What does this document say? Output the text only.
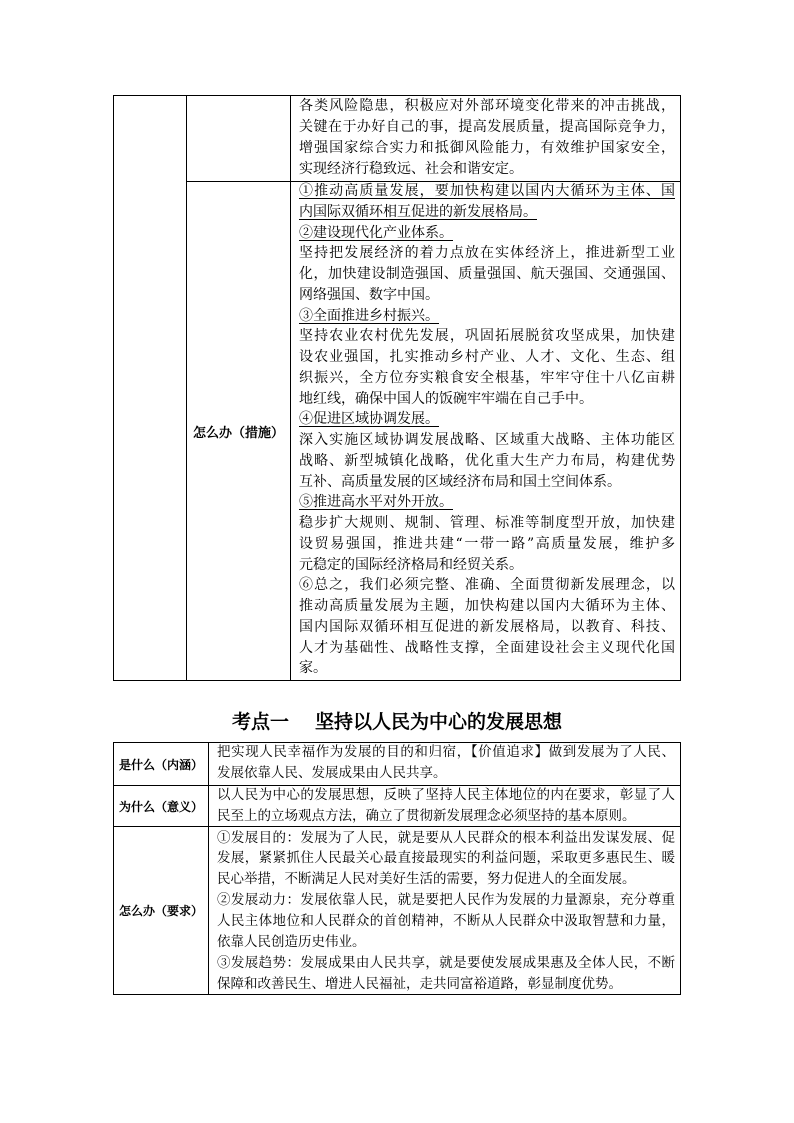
各类风险隐患，积极应对外部环境变化带来的冲击挑战，
关键在于办好自己的事，提高发展质量，提高国际竞争力，
增强国家综合实力和抵御风险能力，有效维护国家安全，
实现经济行稳致远、社会和谐安定。
怎么办（措施）
①推动高质量发展，要加快构建以国内大循环为主体、国
内国际双循环相互促进的新发展格局。
②建设现代化产业体系。
坚持把发展经济的着力点放在实体经济上，推进新型工业
化，加快建设制造强国、质量强国、航天强国、交通强国、
网络强国、数字中国。
③全面推进乡村振兴。
坚持农业农村优先发展，巩固拓展脱贫攻坚成果，加快建
设农业强国，扎实推动乡村产业、人才、文化、生态、组
织振兴，全方位夯实粮食安全根基，牢牢守住十八亿亩耕
地红线，确保中国人的饭碗牢牢端在自己手中。
④促进区域协调发展。
深入实施区域协调发展战略、区域重大战略、主体功能区
战略、新型城镇化战略，优化重大生产力布局，构建优势
互补、高质量发展的区域经济布局和国土空间体系。
⑤推进高水平对外开放。
稳步扩大规则、规制、管理、标准等制度型开放，加快建
设贸易强国，推进共建“一带一路”高质量发展，维护多
元稳定的国际经济格局和经贸关系。
⑥总之，我们必须完整、准确、全面贯彻新发展理念，以
推动高质量发展为主题，加快构建以国内大循环为主体、
国内国际双循环相互促进的新发展格局，以教育、科技、
人才为基础性、战略性支撑，全面建设社会主义现代化国
家。
考点一 坚持以人民为中心的发展思想
是什么（内涵）
把实现人民幸福作为发展的目的和归宿，【价值追求】做到发展为了人民、
发展依靠人民、发展成果由人民共享。
为什么（意义）
以人民为中心的发展思想，反映了坚持人民主体地位的内在要求，彰显了人
民至上的立场观点方法，确立了贯彻新发展理念必须坚持的基本原则。
怎么办（要求）
①发展目的：发展为了人民，就是要从人民群众的根本利益出发谋发展、促
发展，紧紧抓住人民最关心最直接最现实的利益问题，采取更多惠民生、暖
民心举措，不断满足人民对美好生活的需要，努力促进人的全面发展。
②发展动力：发展依靠人民，就是要把人民作为发展的力量源泉，充分尊重
人民主体地位和人民群众的首创精神，不断从人民群众中汲取智慧和力量，
依靠人民创造历史伟业。
③发展趋势：发展成果由人民共享，就是要使发展成果惠及全体人民，不断
保障和改善民生、增进人民福祉，走共同富裕道路，彰显制度优势。
